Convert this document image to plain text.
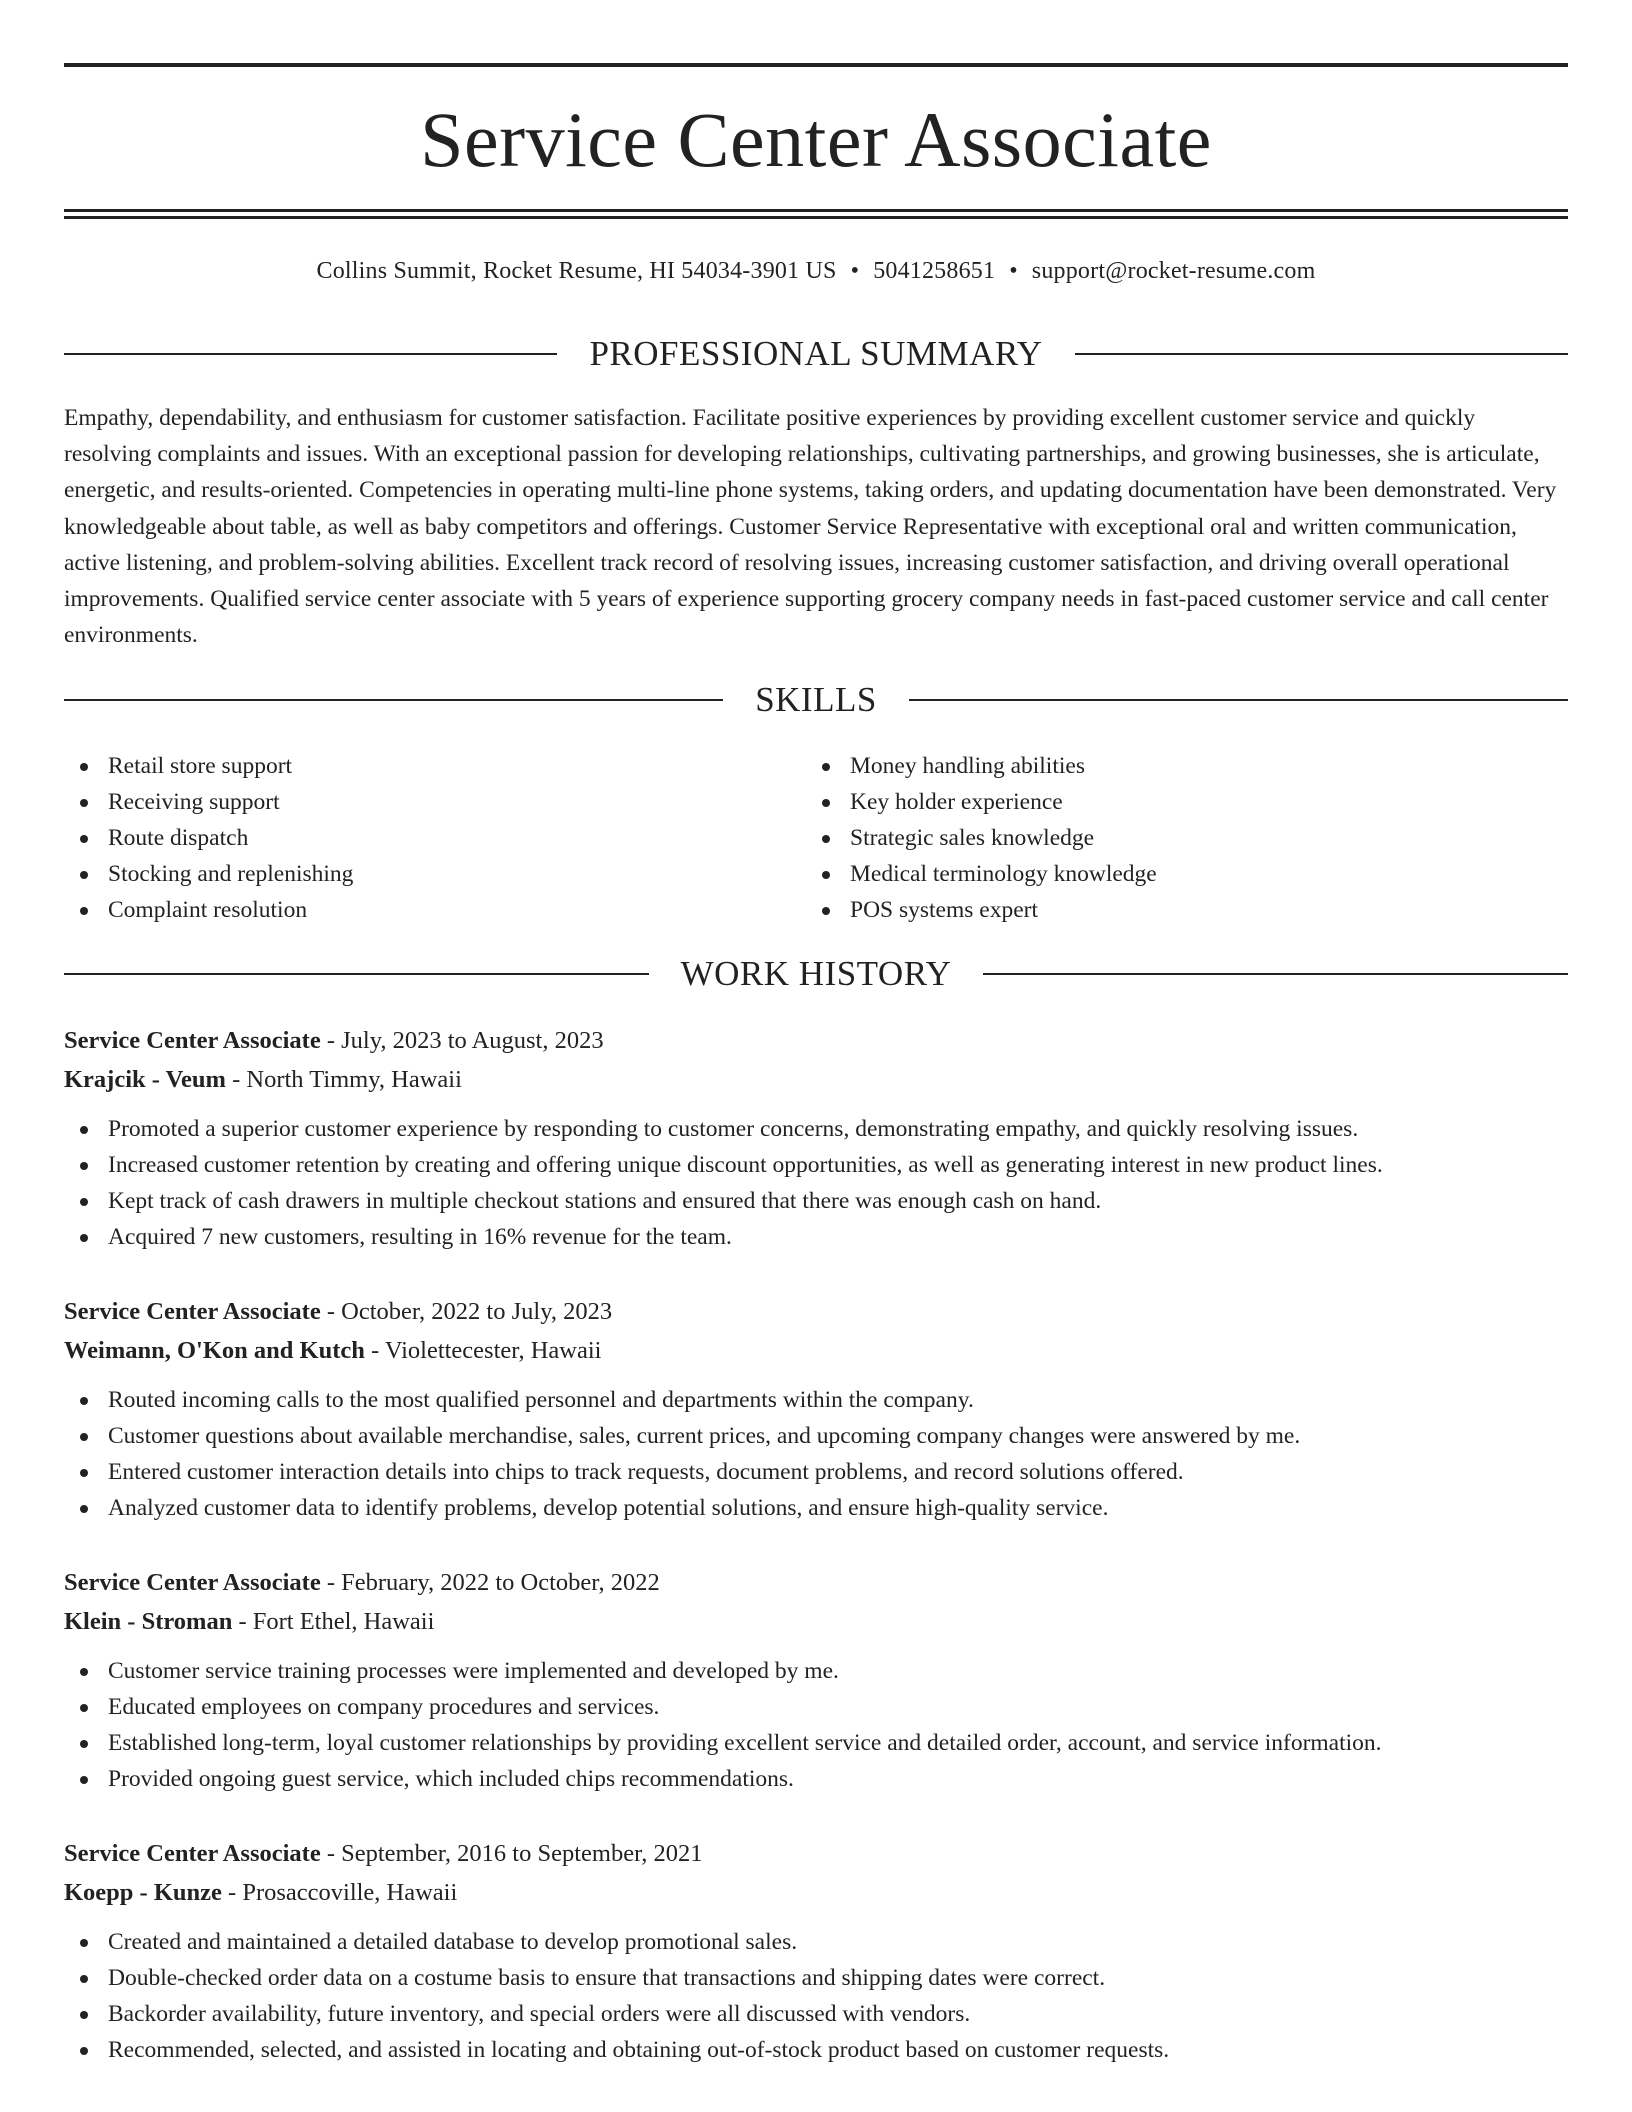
Service Center Associate
Collins Summit, Rocket Resume, HI 54034-3901 US • 5041258651 • support@rocket-resume.com
PROFESSIONAL SUMMARY

Empathy, dependability, and enthusiasm for customer satisfaction. Facilitate positive experiences by providing excellent customer service and quickly resolving complaints and issues. With an exceptional passion for developing relationships, cultivating partnerships, and growing businesses, she is articulate, energetic, and results-oriented. Competencies in operating multi-line phone systems, taking orders, and updating documentation have been demonstrated. Very knowledgeable about table, as well as baby competitors and offerings. Customer Service Representative with exceptional oral and written communication, active listening, and problem-solving abilities. Excellent track record of resolving issues, increasing customer satisfaction, and driving overall operational improvements. Qualified service center associate with 5 years of experience supporting grocery company needs in fast-paced customer service and call center environments.

SKILLS
Retail store support
Receiving support
Route dispatch
Stocking and replenishing
Complaint resolution
Money handling abilities
Key holder experience
Strategic sales knowledge
Medical terminology knowledge
POS systems expert
WORK HISTORY
Service Center Associate - July, 2023 to August, 2023
Krajcik - Veum - North Timmy, Hawaii
Promoted a superior customer experience by responding to customer concerns, demonstrating empathy, and quickly resolving issues.
Increased customer retention by creating and offering unique discount opportunities, as well as generating interest in new product lines.
Kept track of cash drawers in multiple checkout stations and ensured that there was enough cash on hand.
Acquired 7 new customers, resulting in 16% revenue for the team.
Service Center Associate - October, 2022 to July, 2023
Weimann, O'Kon and Kutch - Violettecester, Hawaii
Routed incoming calls to the most qualified personnel and departments within the company.
Customer questions about available merchandise, sales, current prices, and upcoming company changes were answered by me.
Entered customer interaction details into chips to track requests, document problems, and record solutions offered.
Analyzed customer data to identify problems, develop potential solutions, and ensure high-quality service.
Service Center Associate - February, 2022 to October, 2022
Klein - Stroman - Fort Ethel, Hawaii
Customer service training processes were implemented and developed by me.
Educated employees on company procedures and services.
Established long-term, loyal customer relationships by providing excellent service and detailed order, account, and service information.
Provided ongoing guest service, which included chips recommendations.
Service Center Associate - September, 2016 to September, 2021
Koepp - Kunze - Prosaccoville, Hawaii
Created and maintained a detailed database to develop promotional sales.
Double-checked order data on a costume basis to ensure that transactions and shipping dates were correct.
Backorder availability, future inventory, and special orders were all discussed with vendors.
Recommended, selected, and assisted in locating and obtaining out-of-stock product based on customer requests.
